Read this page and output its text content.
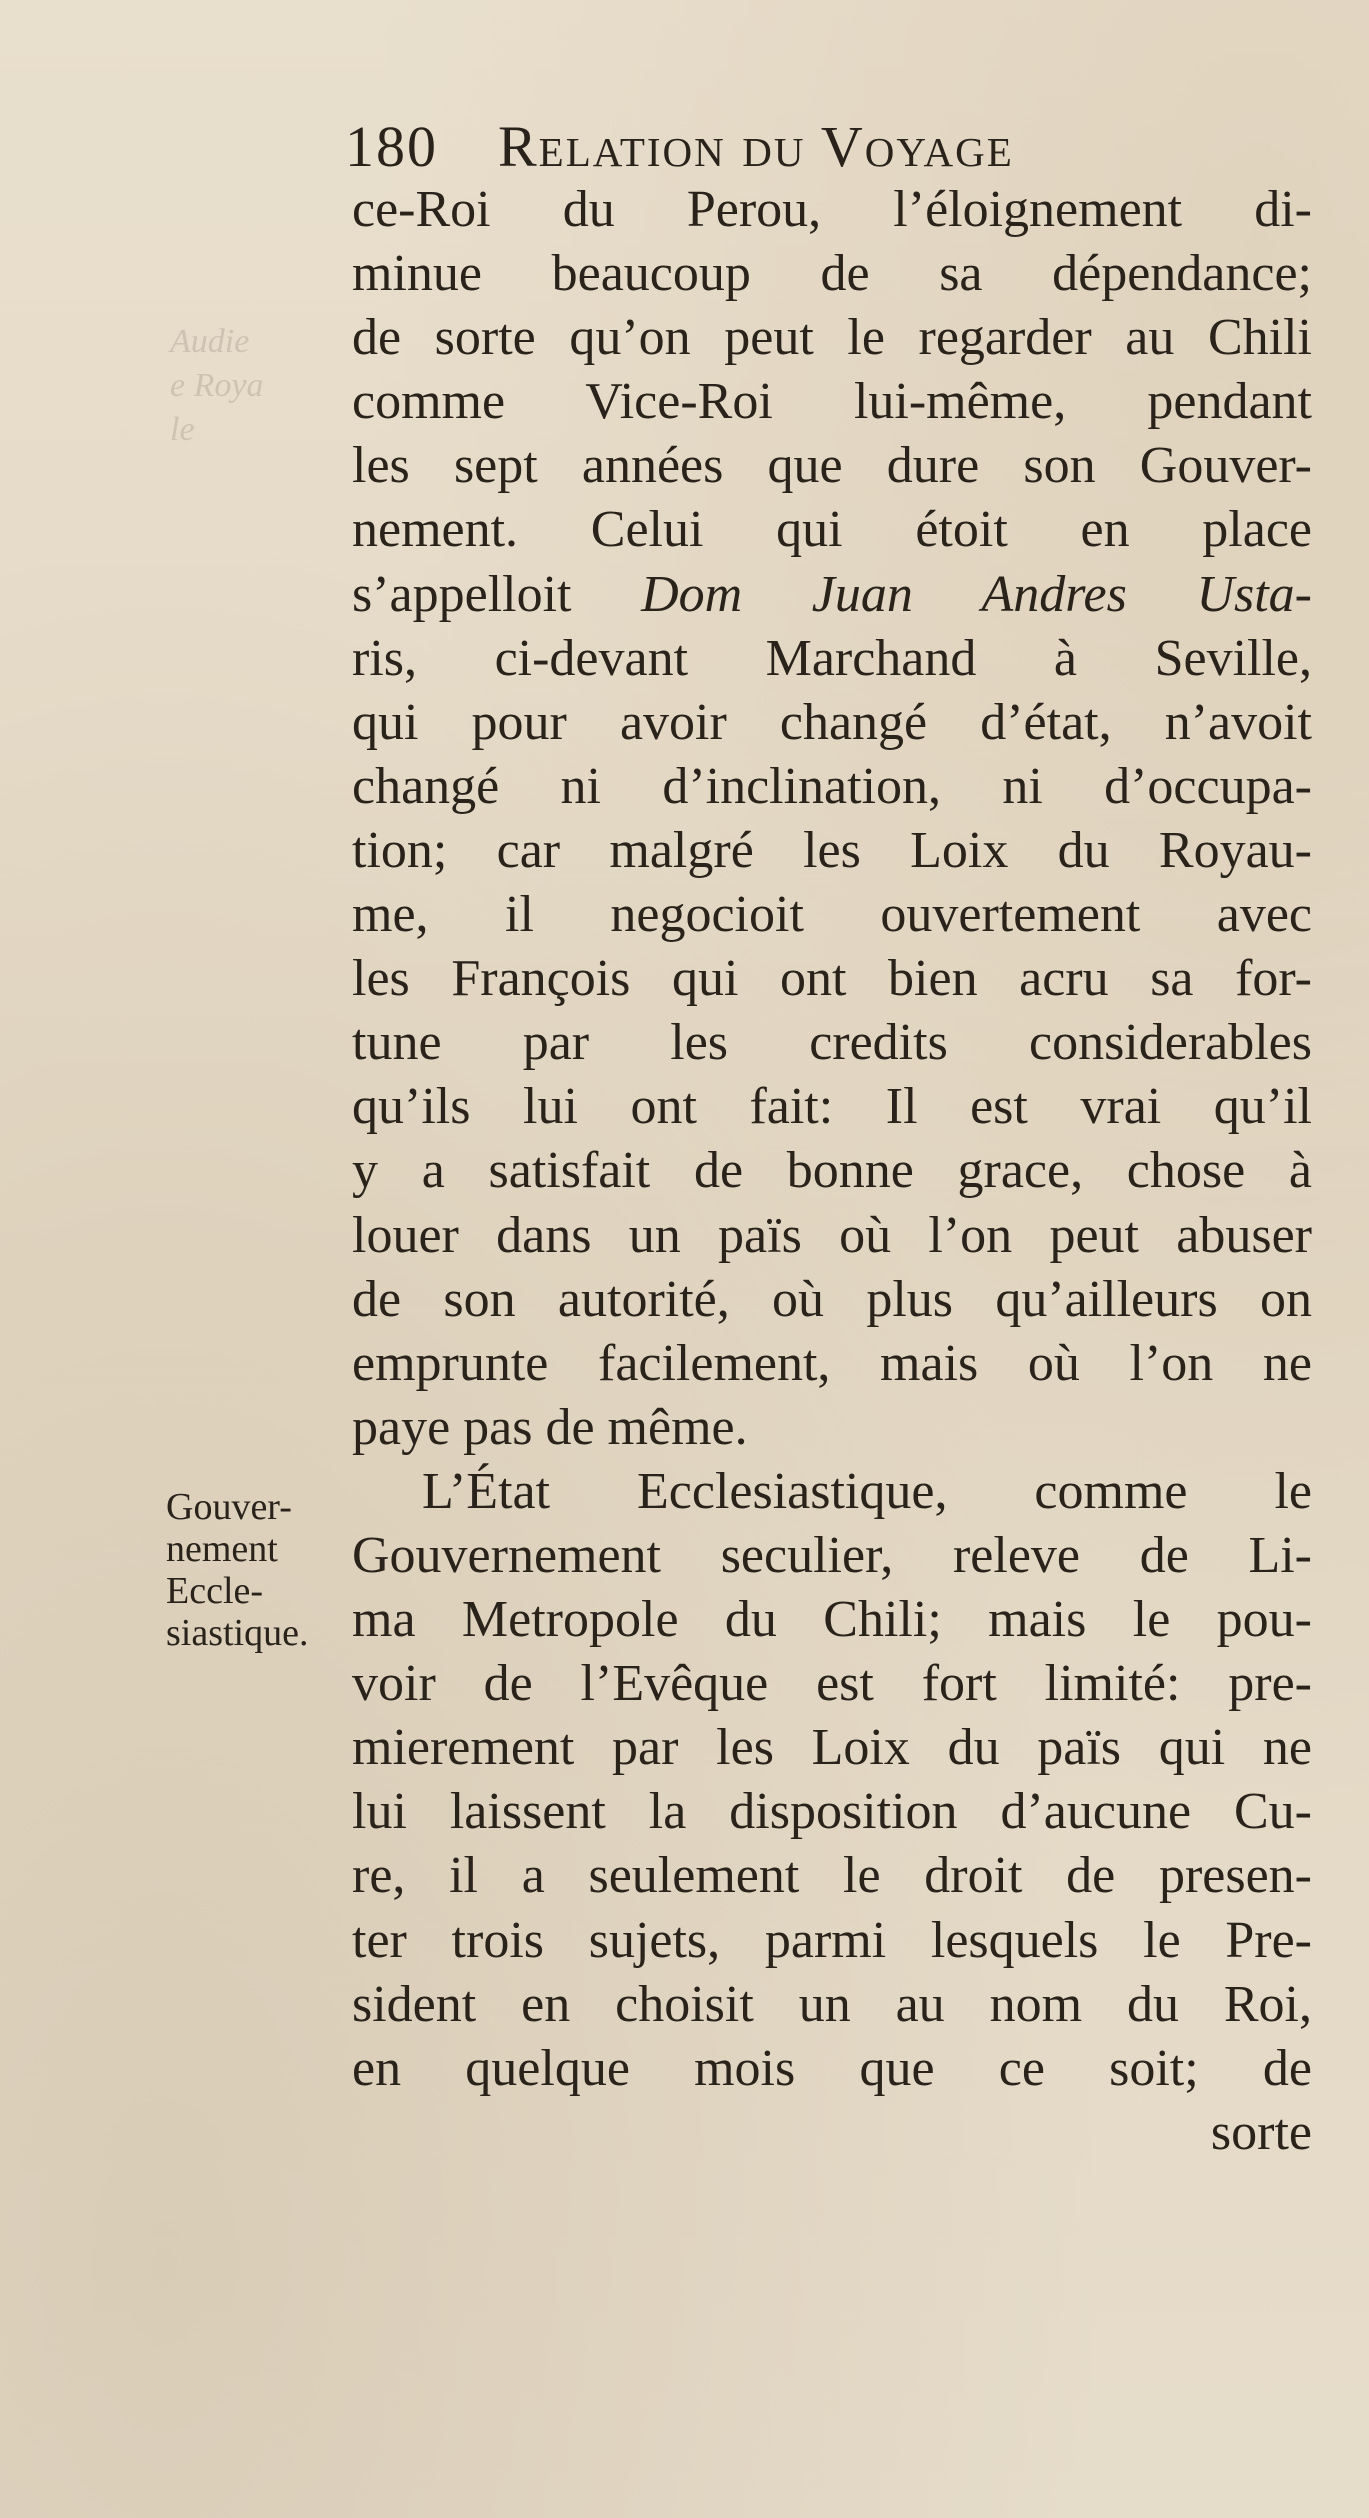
Audie
e Roya
le
180 Relation du Voyage
ce-Roi du Perou, l’éloignement di-
minue beaucoup de sa dépendance;
de sorte qu’on peut le regarder au Chili
comme Vice-Roi lui-même, pendant
les sept années que dure son Gouver-
nement. Celui qui étoit en place
s’appelloit Dom Juan Andres Usta-
ris, ci-devant Marchand à Seville,
qui pour avoir changé d’état, n’avoit
changé ni d’inclination, ni d’occupa-
tion; car malgré les Loix du Royau-
me, il negocioit ouvertement avec
les François qui ont bien acru sa for-
tune par les credits considerables
qu’ils lui ont fait: Il est vrai qu’il
y a satisfait de bonne grace, chose à
louer dans un païs où l’on peut abuser
de son autorité, où plus qu’ailleurs on
emprunte facilement, mais où l’on ne
paye pas de même.
L’État Ecclesiastique, comme le
Gouvernement seculier, releve de Li-
ma Metropole du Chili; mais le pou-
voir de l’Evêque est fort limité: pre-
mierement par les Loix du païs qui ne
lui laissent la disposition d’aucune Cu-
re, il a seulement le droit de presen-
ter trois sujets, parmi lesquels le Pre-
sident en choisit un au nom du Roi,
en quelque mois que ce soit; de
sorte
Gouver-
nement
Eccle-
siastique.
